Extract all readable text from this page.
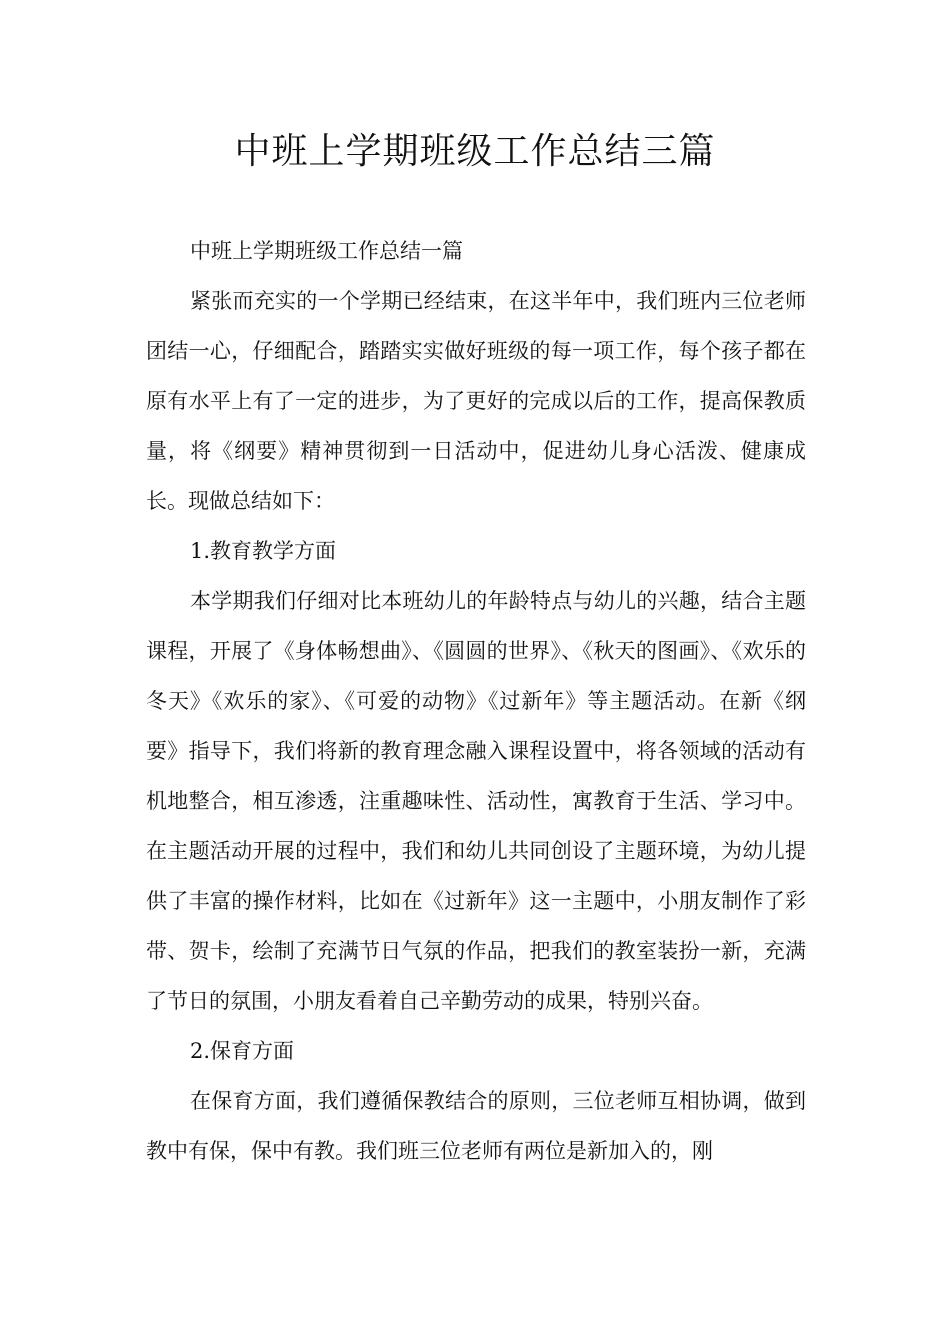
中班上学期班级工作总结三篇

中班上学期班级工作总结一篇

紧张而充实的一个学期已经结束，在这半年中，我们班内三位老师团结一心，仔细配合，踏踏实实做好班级的每一项工作，每个孩子都在原有水平上有了一定的进步，为了更好的完成以后的工作，提高保教质量，将《纲要》精神贯彻到一日活动中，促进幼儿身心活泼、健康成长。现做总结如下：

1.教育教学方面

本学期我们仔细对比本班幼儿的年龄特点与幼儿的兴趣，结合主题课程，开展了《身体畅想曲》、《圆圆的世界》、《秋天的图画》、《欢乐的冬天》《欢乐的家》、《可爱的动物》《过新年》等主题活动。在新《纲要》指导下，我们将新的教育理念融入课程设置中，将各领域的活动有机地整合，相互渗透，注重趣味性、活动性，寓教育于生活、学习中。在主题活动开展的过程中，我们和幼儿共同创设了主题环境，为幼儿提供了丰富的操作材料，比如在《过新年》这一主题中，小朋友制作了彩带、贺卡，绘制了充满节日气氛的作品，把我们的教室装扮一新，充满了节日的氛围，小朋友看着自己辛勤劳动的成果，特别兴奋。

2.保育方面

在保育方面，我们遵循保教结合的原则，三位老师互相协调，做到教中有保，保中有教。我们班三位老师有两位是新加入的，刚
